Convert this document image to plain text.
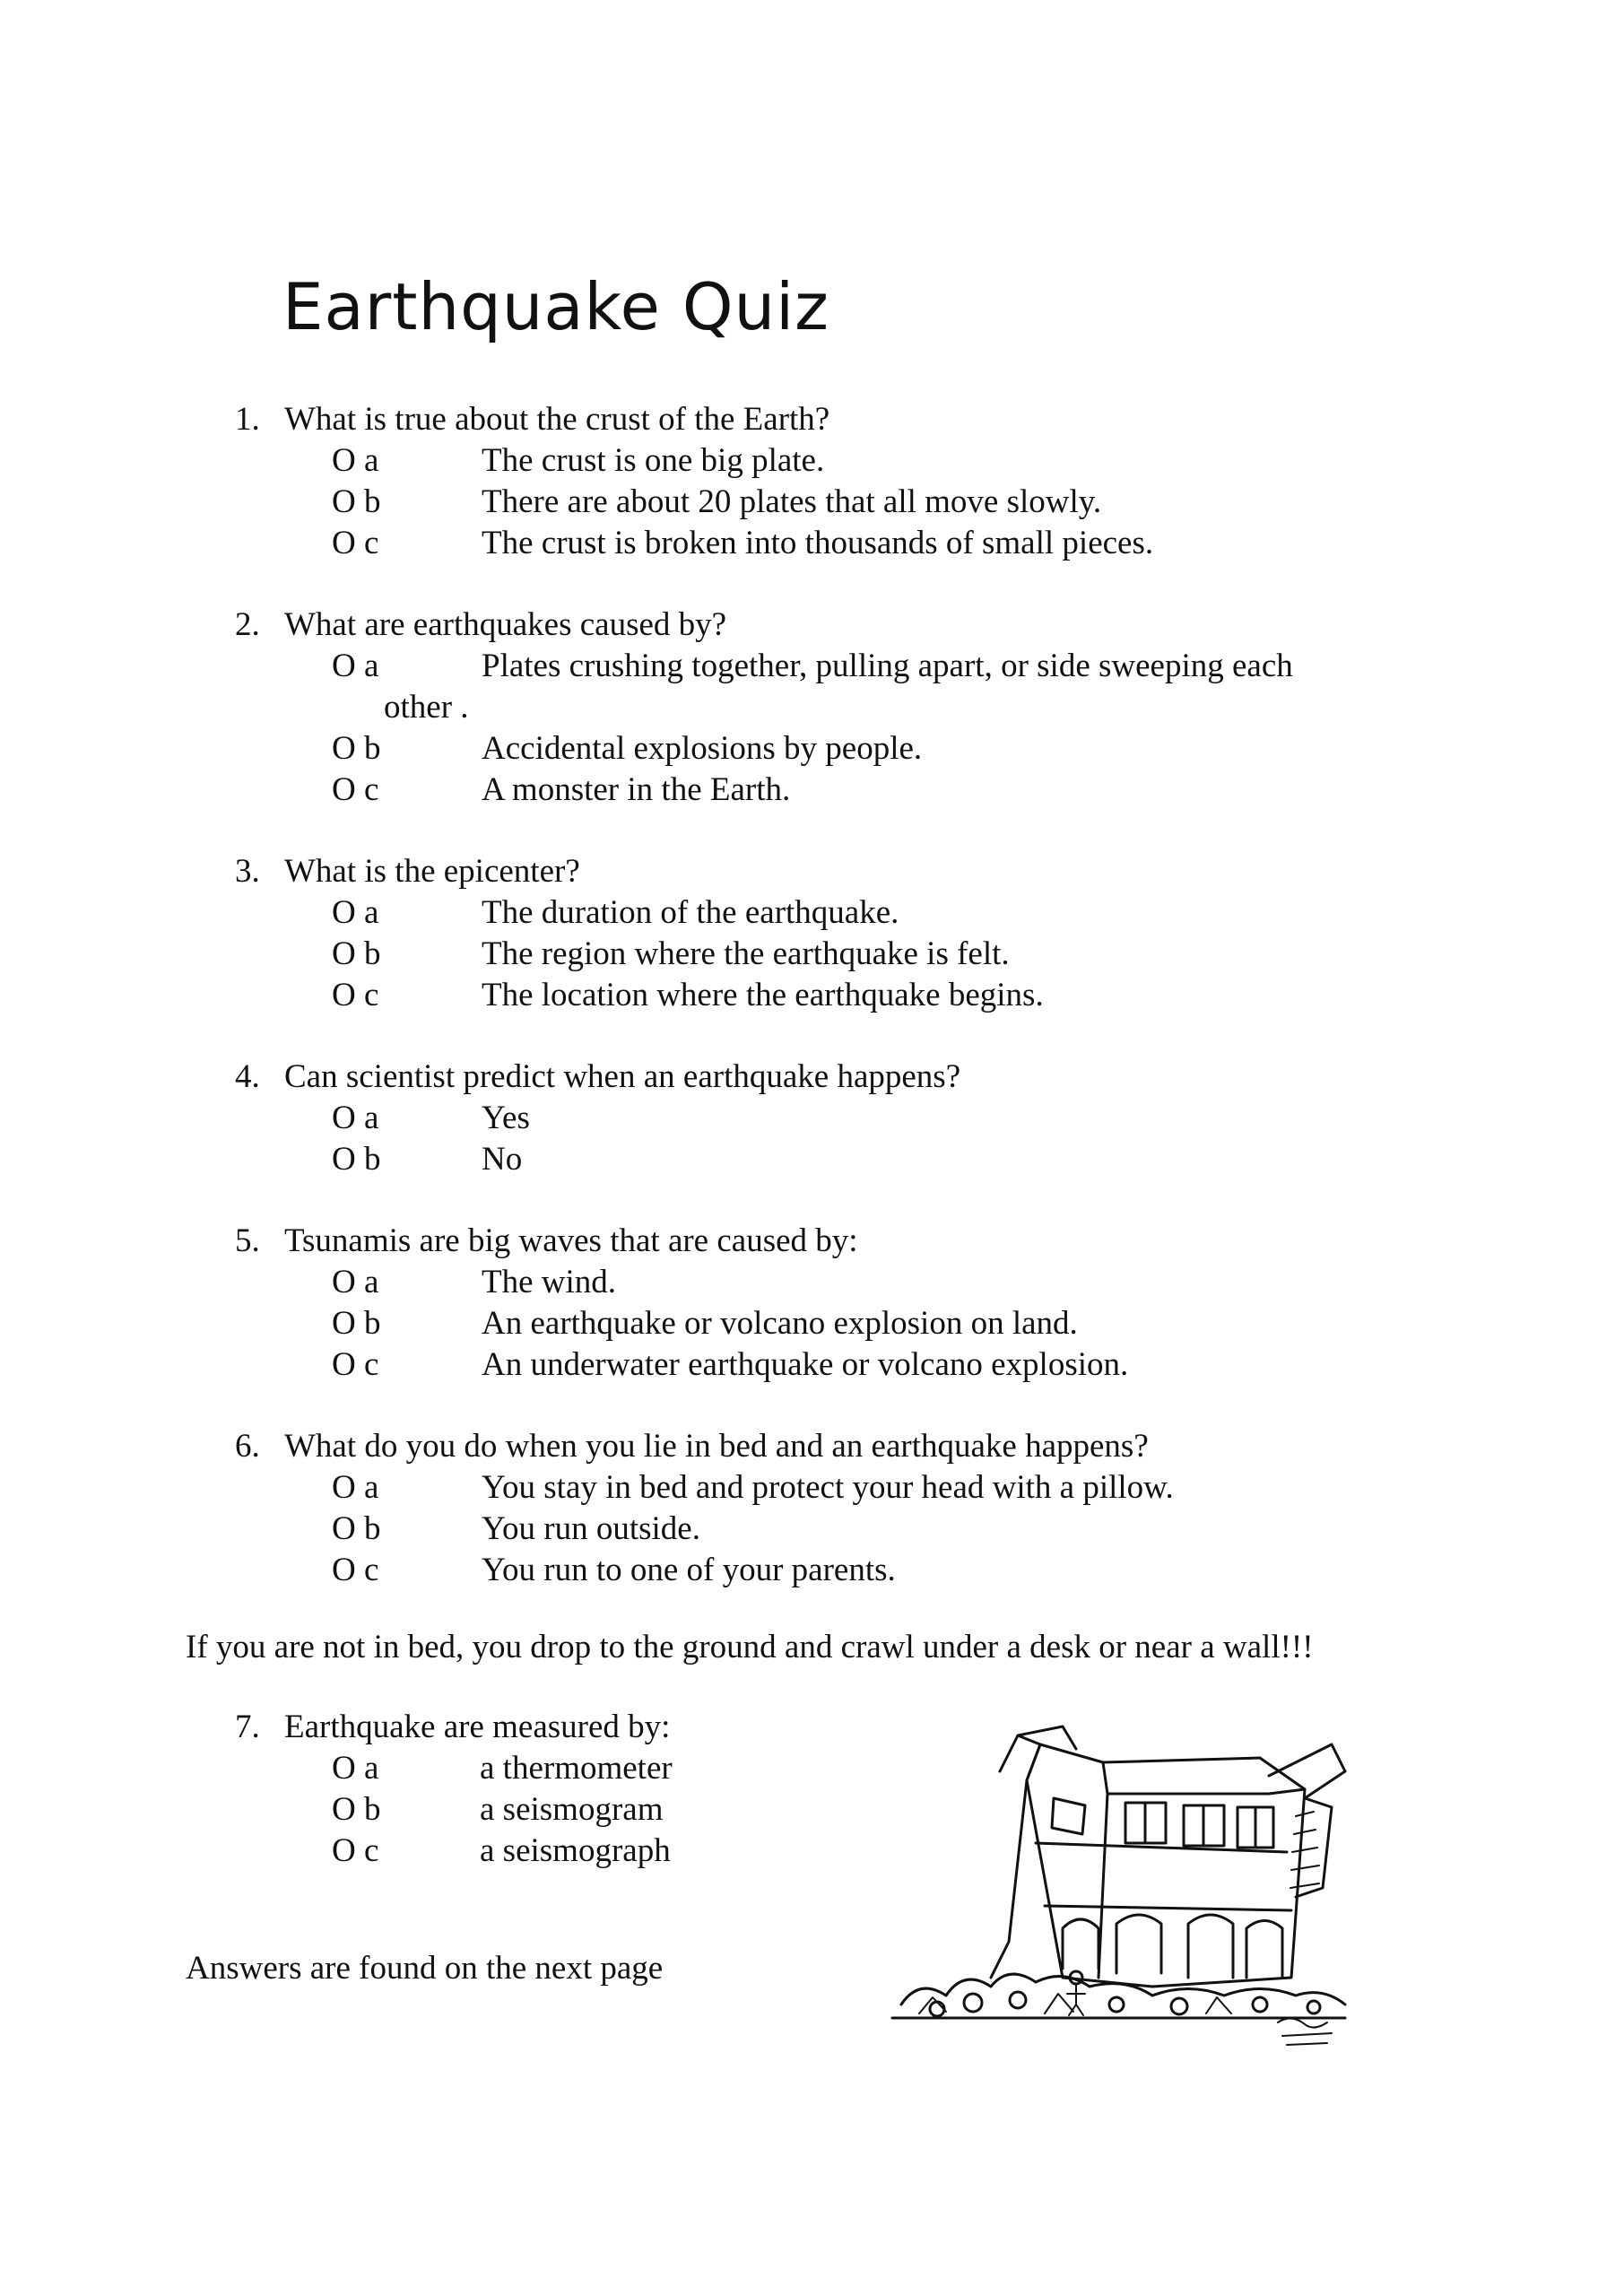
Earthquake Quiz
1. What is true about the crust of the Earth?
O a	The crust is one big plate.
O b	There are about 20 plates that all move slowly.
O c	The crust is broken into thousands of small pieces.
2. What are earthquakes caused by?
O a	Plates crushing together, pulling apart, or side sweeping each
other .
O b	Accidental explosions by people.
O c	A monster in the Earth.
3. What is the epicenter?
O a	The duration of the earthquake.
O b	The region where the earthquake is felt.
O c	The location where the earthquake begins.
4. Can scientist predict when an earthquake happens?
O a	Yes
O b	No
5. Tsunamis are big waves that are caused by:
O a	The wind.
O b	An earthquake or volcano explosion on land.
O c	An underwater earthquake or volcano explosion.
6. What do you do when you lie in bed and an earthquake happens?
O a	You stay in bed and protect your head with a pillow.
O b	You run outside.
O c	You run to one of your parents.
If you are not in bed, you drop to the ground and crawl under a desk or near a wall!!!
7. Earthquake are measured by:
O a	a thermometer
O b	a seismogram
O c	a seismograph
Answers are found on the next page
